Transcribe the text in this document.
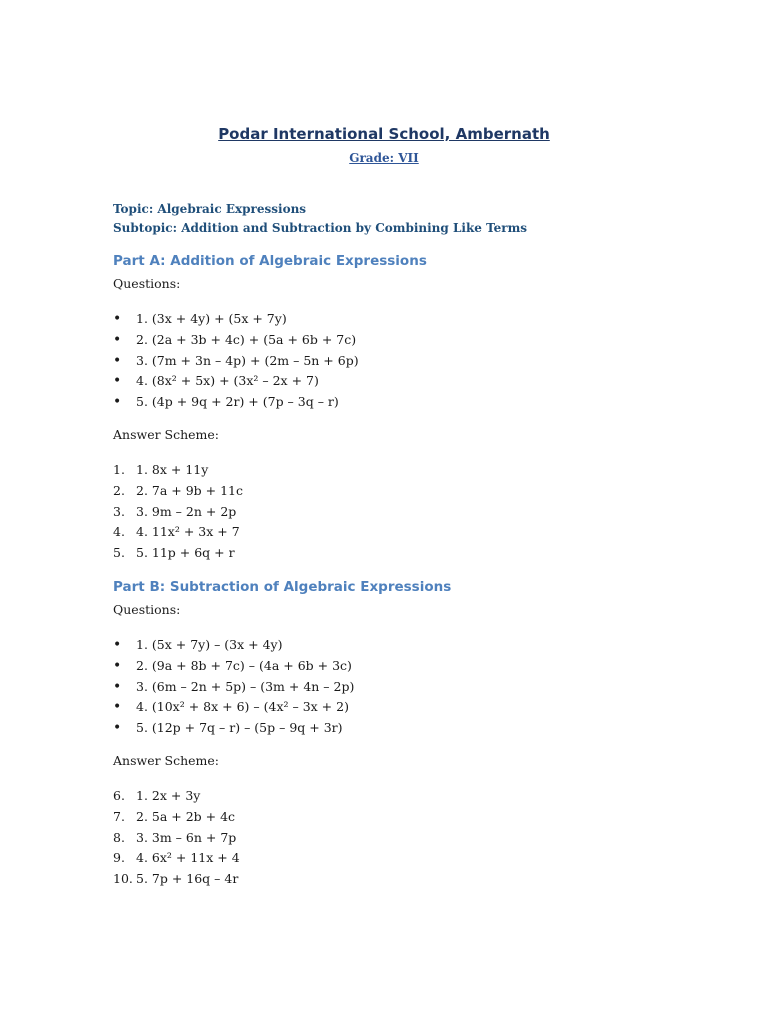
Podar International School, Ambernath

Grade: VII

Topic: Algebraic Expressions

Subtopic: Addition and Subtraction by Combining Like Terms

Part A: Addition of Algebraic Expressions

Questions:

• 1. (3x + 4y) + (5x + 7y)
• 2. (2a + 3b + 4c) + (5a + 6b + 7c)
• 3. (7m + 3n – 4p) + (2m – 5n + 6p)
• 4. (8x² + 5x) + (3x² – 2x + 7)
• 5. (4p + 9q + 2r) + (7p – 3q – r)

Answer Scheme:

1. 1. 8x + 11y
2. 2. 7a + 9b + 11c
3. 3. 9m – 2n + 2p
4. 4. 11x² + 3x + 7
5. 5. 11p + 6q + r
Part B: Subtraction of Algebraic Expressions

Questions:

• 1. (5x + 7y) – (3x + 4y)
• 2. (9a + 8b + 7c) – (4a + 6b + 3c)
• 3. (6m – 2n + 5p) – (3m + 4n – 2p)
• 4. (10x² + 8x + 6) – (4x² – 3x + 2)
• 5. (12p + 7q – r) – (5p – 9q + 3r)

Answer Scheme:

6. 1. 2x + 3y
7. 2. 5a + 2b + 4c
8. 3. 3m – 6n + 7p
9. 4. 6x² + 11x + 4
10. 5. 7p + 16q – 4r
